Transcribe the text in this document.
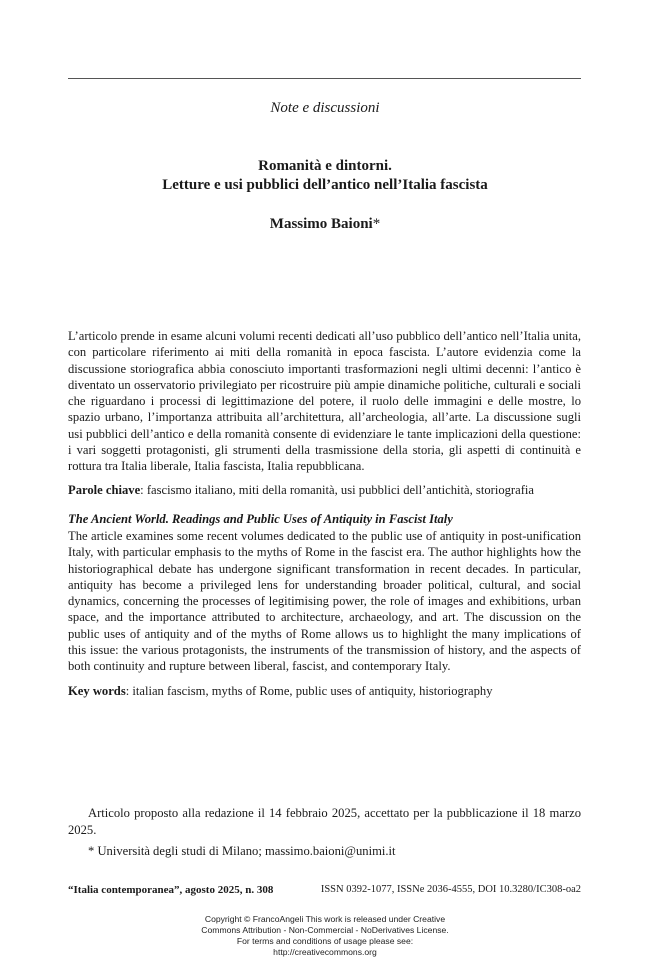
Note e discussioni
Romanità e dintorni.
Letture e usi pubblici dell’antico nell’Italia fascista
Massimo Baioni*

L’articolo prende in esame alcuni volumi recenti dedicati all’uso pubblico dell’antico nell’Italia unita, con particolare riferimento ai miti della romanità in epoca fascista. L’autore evidenzia come la discussione storiografica abbia conosciuto importanti trasformazioni negli ultimi decenni: l’antico è diventato un osservatorio privilegiato per ricostruire più ampie dinamiche politiche, culturali e sociali che riguardano i processi di legittimazione del potere, il ruolo delle immagini e delle mostre, lo spazio urbano, l’importanza attribuita all’architettura, all’archeologia, all’arte. La discussione sugli usi pubblici dell’antico e della romanità consente di evidenziare le tante implicazioni della questione: i vari soggetti protagonisti, gli strumenti della trasmissione della storia, gli aspetti di continuità e rottura tra Italia liberale, Italia fascista, Italia repubblicana.

Parole chiave: fascismo italiano, miti della romanità, usi pubblici dell’antichità, storiografia
The Ancient World. Readings and Public Uses of Antiquity in Fascist Italy

The article examines some recent volumes dedicated to the public use of antiquity in post-unification Italy, with particular emphasis to the myths of Rome in the fascist era. The author highlights how the historiographical debate has undergone significant transformation in recent decades. In particular, antiquity has become a privileged lens for understanding broader political, cultural, and social dynamics, concerning the processes of legitimising power, the role of images and exhibitions, urban space, and the importance attributed to architecture, archaeology, and art. The discussion on the public uses of antiquity and of the myths of Rome allows us to highlight the many implications of this issue: the various protagonists, the instruments of the transmission of history, and the aspects of both continuity and rupture between liberal, fascist, and contemporary Italy.

Key words: italian fascism, myths of Rome, public uses of antiquity, historiography

Articolo proposto alla redazione il 14 febbraio 2025, accettato per la pubblicazione il 18 marzo 2025.

* Università degli studi di Milano; massimo.baioni@unimi.it
“Italia contemporanea”, agosto 2025, n. 308	ISSN 0392-1077, ISSNe 2036-4555, DOI 10.3280/IC308-oa2
Copyright © FrancoAngeli This work is released under Creative
Commons Attribution - Non-Commercial - NoDerivatives License.
For terms and conditions of usage please see:
http://creativecommons.org
